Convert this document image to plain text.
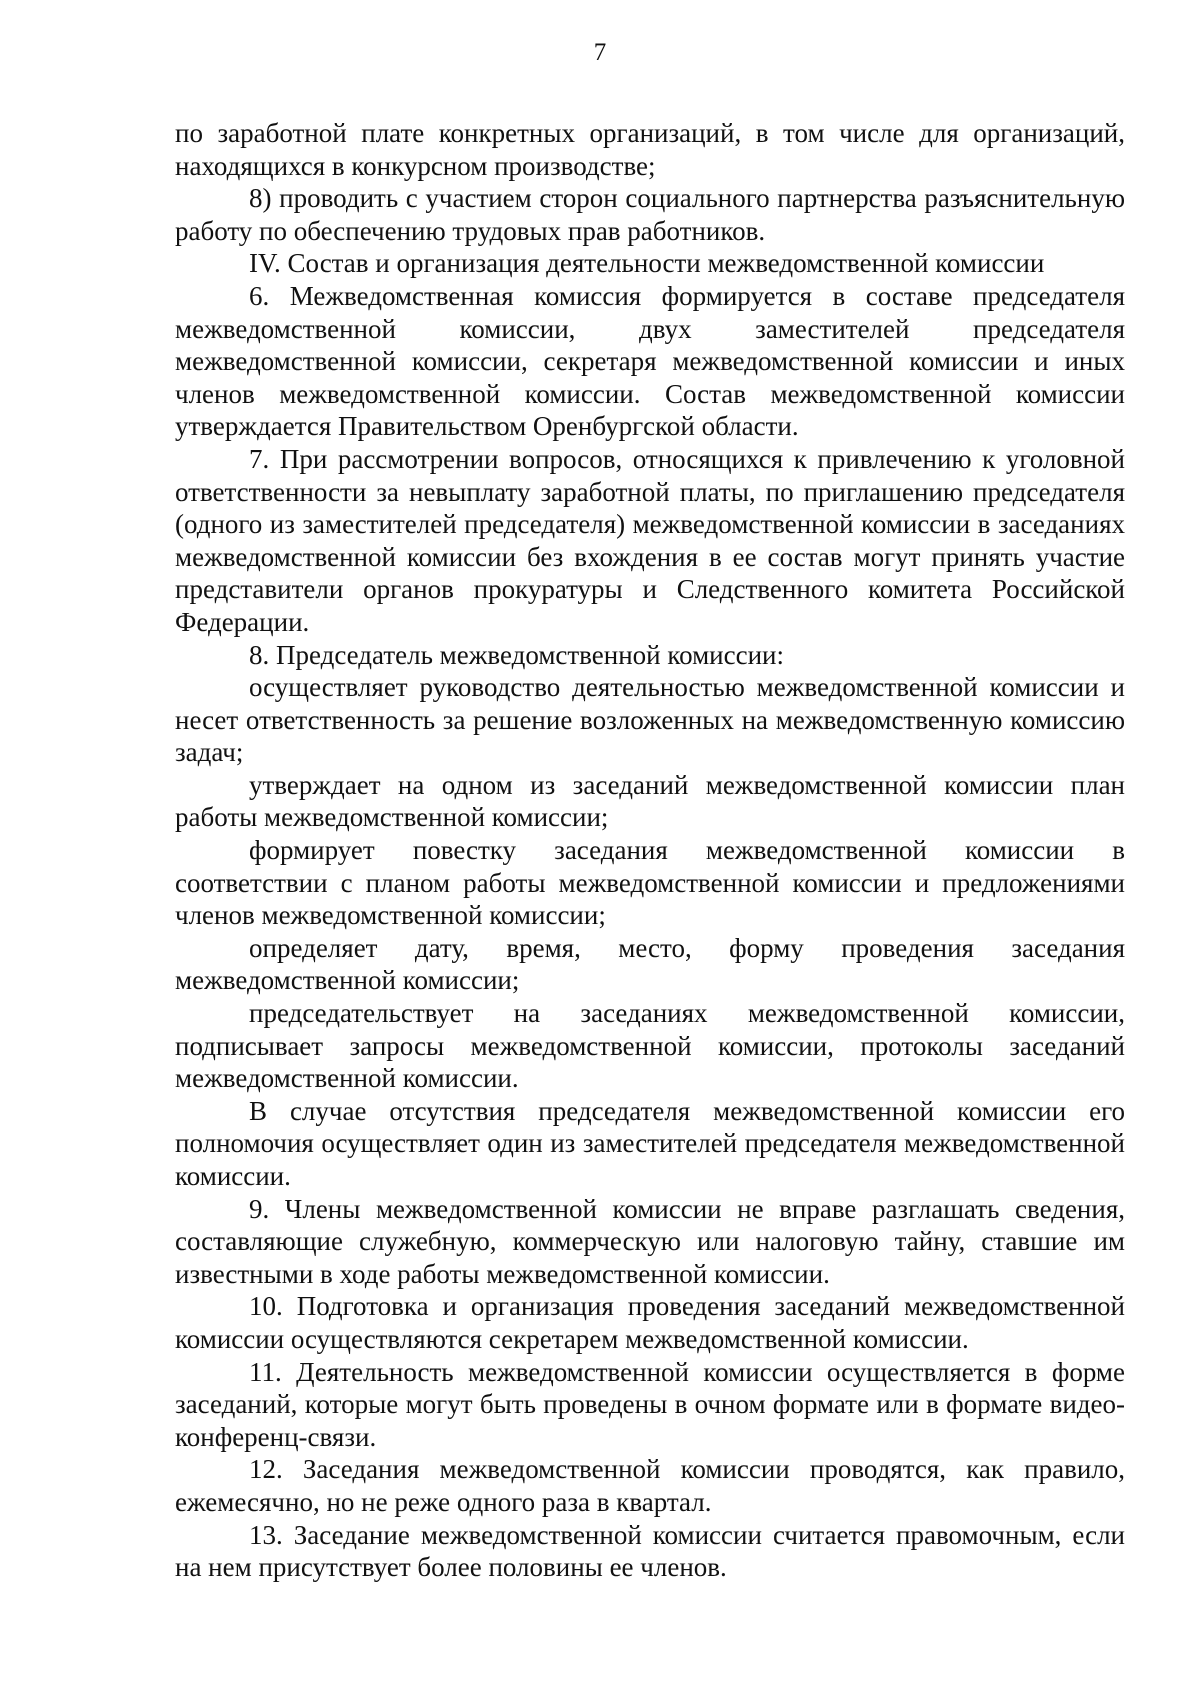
7

по заработной плате конкретных организаций, в том числе для организаций, находящихся в конкурсном производстве;

8) проводить с участием сторон социального партнерства разъяснительную работу по обеспечению трудовых прав работников.

IV. Состав и организация деятельности межведомственной комиссии

6. Межведомственная комиссия формируется в составе председателя межведомственной комиссии, двух заместителей председателя межведомственной комиссии, секретаря межведомственной комиссии и иных членов межведомственной комиссии. Состав межведомственной комиссии утверждается Правительством Оренбургской области.

7. При рассмотрении вопросов, относящихся к привлечению к уголовной ответственности за невыплату заработной платы, по приглашению председателя (одного из заместителей председателя) межведомственной комиссии в заседаниях межведомственной комиссии без вхождения в ее состав могут принять участие представители органов прокуратуры и Следственного комитета Российской Федерации.

8. Председатель межведомственной комиссии:

осуществляет руководство деятельностью межведомственной комиссии и несет ответственность за решение возложенных на межведомственную комиссию задач;

утверждает на одном из заседаний межведомственной комиссии план работы межведомственной комиссии;

формирует повестку заседания межведомственной комиссии в соответствии с планом работы межведомственной комиссии и предложениями членов межведомственной комиссии;

определяет дату, время, место, форму проведения заседания межведомственной комиссии;

председательствует на заседаниях межведомственной комиссии, подписывает запросы межведомственной комиссии, протоколы заседаний межведомственной комиссии.

В случае отсутствия председателя межведомственной комиссии его полномочия осуществляет один из заместителей председателя межведомственной комиссии.

9. Члены межведомственной комиссии не вправе разглашать сведения, составляющие служебную, коммерческую или налоговую тайну, ставшие им известными в ходе работы межведомственной комиссии.

10. Подготовка и организация проведения заседаний межведомственной комиссии осуществляются секретарем межведомственной комиссии.

11. Деятельность межведомственной комиссии осуществляется в форме заседаний, которые могут быть проведены в очном формате или в формате видео-конференц-связи.

12. Заседания межведомственной комиссии проводятся, как правило, ежемесячно, но не реже одного раза в квартал.

13. Заседание межведомственной комиссии считается правомочным, если на нем присутствует более половины ее членов.
